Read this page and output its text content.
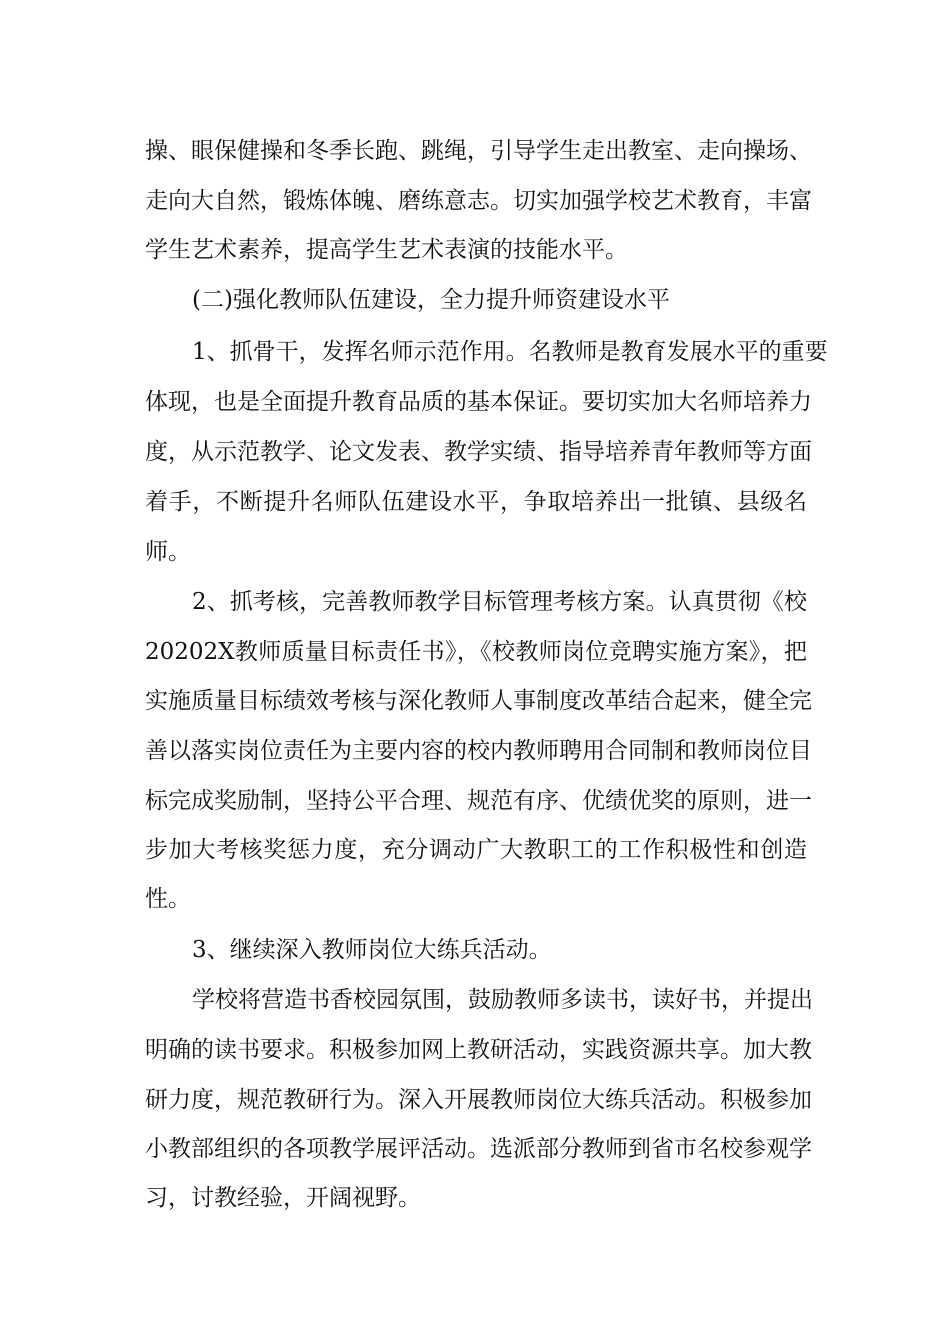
操、眼保健操和冬季长跑、跳绳，引导学生走出教室、走向操场、
走向大自然，锻炼体魄、磨练意志。切实加强学校艺术教育，丰富
学生艺术素养，提高学生艺术表演的技能水平。
(二)强化教师队伍建设，全力提升师资建设水平
1、抓骨干，发挥名师示范作用。名教师是教育发展水平的重要
体现，也是全面提升教育品质的基本保证。要切实加大名师培养力
度，从示范教学、论文发表、教学实绩、指导培养青年教师等方面
着手，不断提升名师队伍建设水平，争取培养出一批镇、县级名
师。
2、抓考核，完善教师教学目标管理考核方案。认真贯彻《校
20202X教师质量目标责任书》，《校教师岗位竞聘实施方案》，把
实施质量目标绩效考核与深化教师人事制度改革结合起来，健全完
善以落实岗位责任为主要内容的校内教师聘用合同制和教师岗位目
标完成奖励制，坚持公平合理、规范有序、优绩优奖的原则，进一
步加大考核奖惩力度，充分调动广大教职工的工作积极性和创造
性。
3、继续深入教师岗位大练兵活动。
学校将营造书香校园氛围，鼓励教师多读书，读好书，并提出
明确的读书要求。积极参加网上教研活动，实践资源共享。加大教
研力度，规范教研行为。深入开展教师岗位大练兵活动。积极参加
小教部组织的各项教学展评活动。选派部分教师到省市名校参观学
习，讨教经验，开阔视野。
